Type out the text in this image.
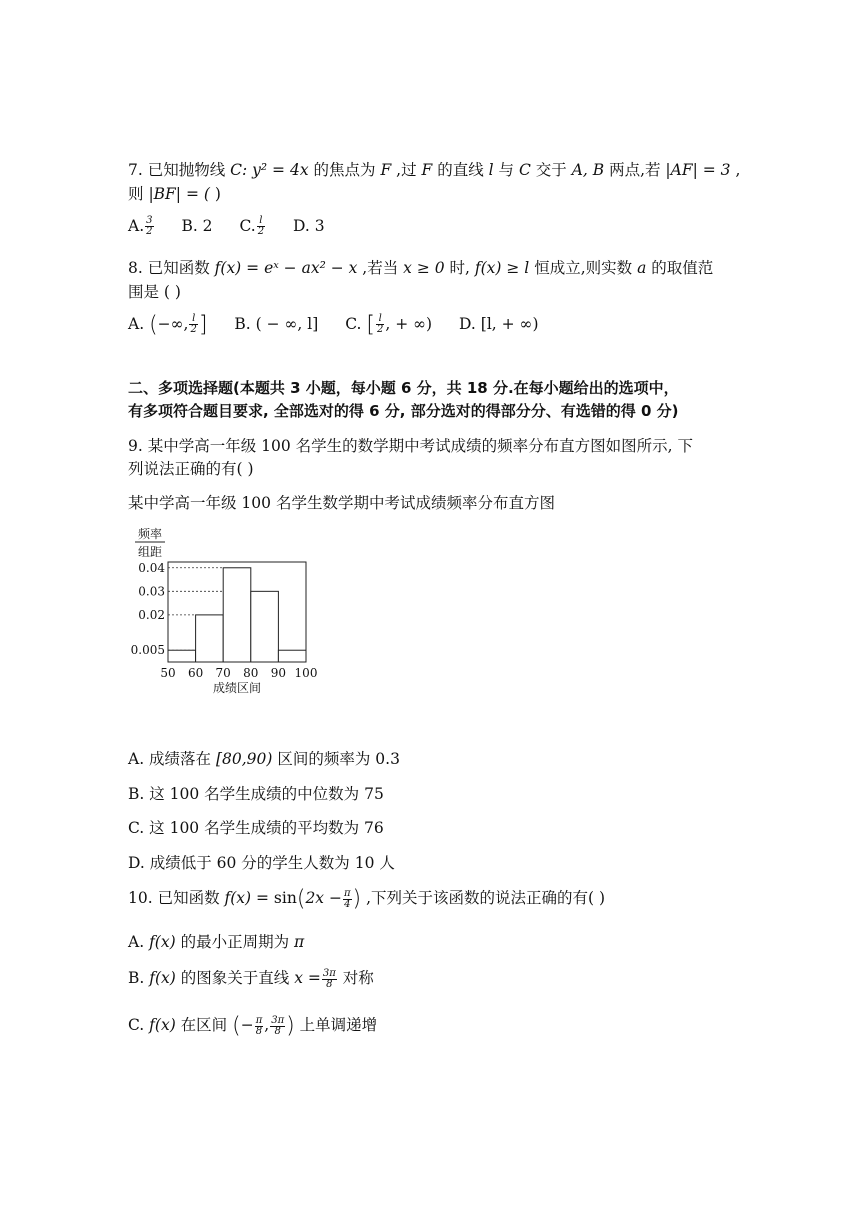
7. 已知抛物线 C: y² = 4x 的焦点为 F ,过 F 的直线 l 与 C 交于 A, B 两点,若 |AF| = 3 ,
则 |BF| = ( )
A. $\frac{3}{2} B$. 2 C. $\frac{l}{2} D$. 3
8. 已知函数 f(x) = eˣ − ax² − x ,若当 x ≥ 0 时, f(x) ≥ l 恒成立,则实数 a 的取值范
围是 ( )
A. (−∞, $\frac{l}{2}$ ] B. ( − ∞, l] C. [ $\frac{l}{2}$ , + ∞) D. [l, + ∞)
二、多项选择题(本题共 3 小题，每小题 6 分，共 18 分.在每小题给出的选项中，
有多项符合题目要求, 全部选对的得 6 分, 部分选对的得部分分、有选错的得 0 分)
9. 某中学高一年级 100 名学生的数学期中考试成绩的频率分布直方图如图所示, 下
列说法正确的有( )
某中学高一年级 100 名学生数学期中考试成绩频率分布直方图
0.005
0.02
0.03
0.04
50 60 70 80 90 100
频率
组距
成绩区间
A. 成绩落在 [80,90) 区间的频率为 0.3
B. 这 100 名学生成绩的中位数为 75
C. 这 100 名学生成绩的平均数为 76
D. 成绩低于 60 分的学生人数为 10 人
10. 已知函数 $f(x) = \sin(2x - \frac{\pi}{4}$ ) ,下列关于该函数的说法正确的有( )
A. f(x) 的最小正周期为 π
B. f(x) 的图象关于直线 $x = \frac{3\pi}{8}$ 对称
C. f(x) 在区间 (− $\frac{\pi}{8}$ , $\frac{3\pi}{8}$ ) 上单调递增
